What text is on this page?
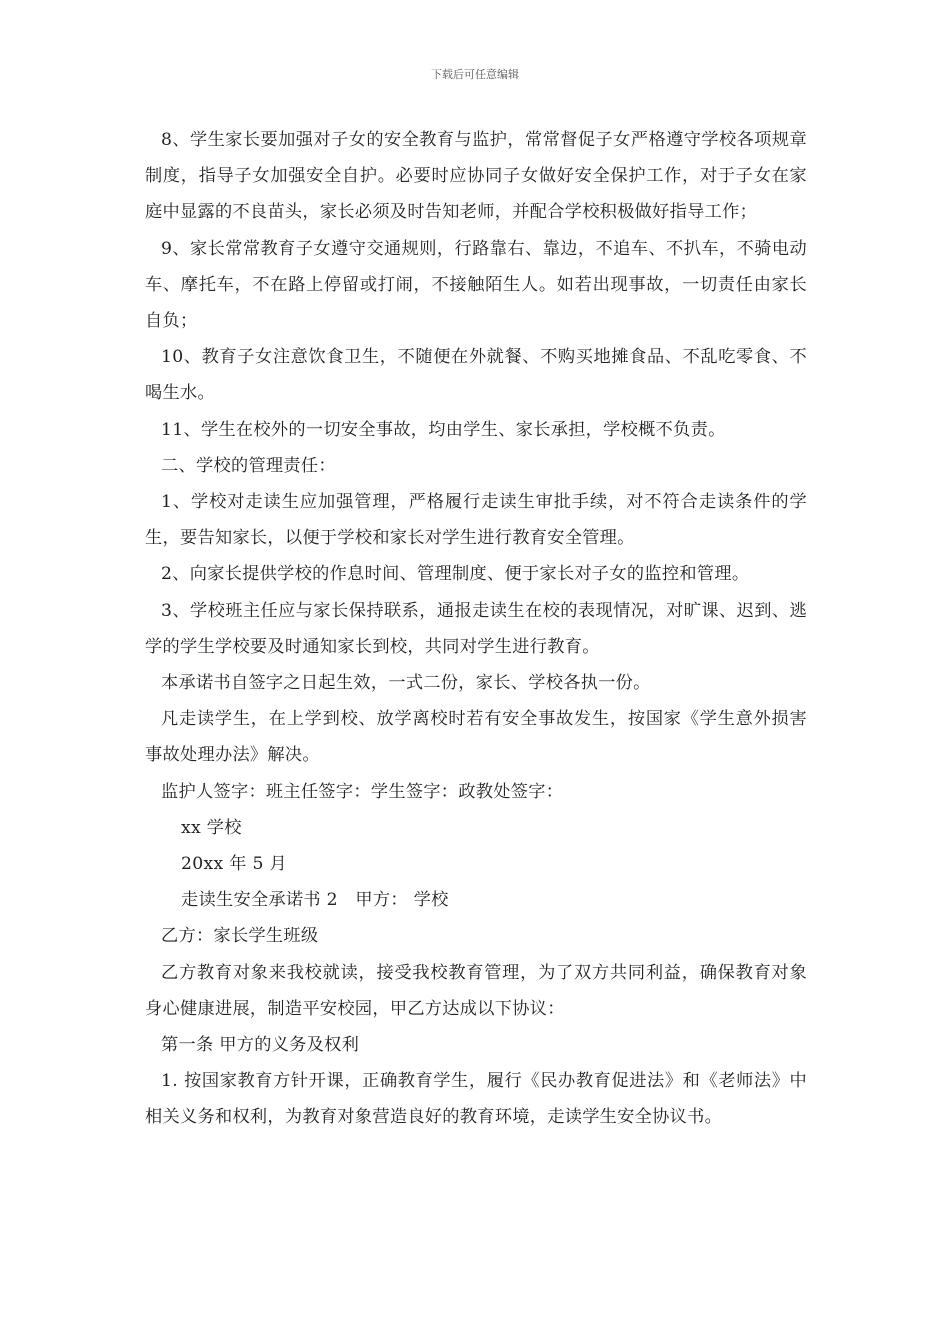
下载后可任意编辑

8、学生家长要加强对子女的安全教育与监护，常常督促子女严格遵守学校各项规章制度，指导子女加强安全自护。必要时应协同子女做好安全保护工作，对于子女在家庭中显露的不良苗头，家长必须及时告知老师，并配合学校积极做好指导工作；

9、家长常常教育子女遵守交通规则，行路靠右、靠边，不追车、不扒车，不骑电动车、摩托车，不在路上停留或打闹，不接触陌生人。如若出现事故，一切责任由家长自负；

10、教育子女注意饮食卫生，不随便在外就餐、不购买地摊食品、不乱吃零食、不喝生水。

11、学生在校外的一切安全事故，均由学生、家长承担，学校概不负责。

二、学校的管理责任：

1、学校对走读生应加强管理，严格履行走读生审批手续，对不符合走读条件的学生，要告知家长，以便于学校和家长对学生进行教育安全管理。

2、向家长提供学校的作息时间、管理制度、便于家长对子女的监控和管理。

3、学校班主任应与家长保持联系，通报走读生在校的表现情况，对旷课、迟到、逃学的学生学校要及时通知家长到校，共同对学生进行教育。

本承诺书自签字之日起生效，一式二份，家长、学校各执一份。

凡走读学生，在上学到校、放学离校时若有安全事故发生，按国家《学生意外损害事故处理办法》解决。

监护人签字：班主任签字：学生签字：政教处签字：

xx 学校

20xx 年 5 月

走读生安全承诺书 2　甲方： 学校

乙方：家长学生班级

乙方教育对象来我校就读，接受我校教育管理，为了双方共同利益，确保教育对象身心健康进展，制造平安校园，甲乙方达成以下协议：

第一条 甲方的义务及权利

1. 按国家教育方针开课，正确教育学生，履行《民办教育促进法》和《老师法》中相关义务和权利，为教育对象营造良好的教育环境，走读学生安全协议书。
